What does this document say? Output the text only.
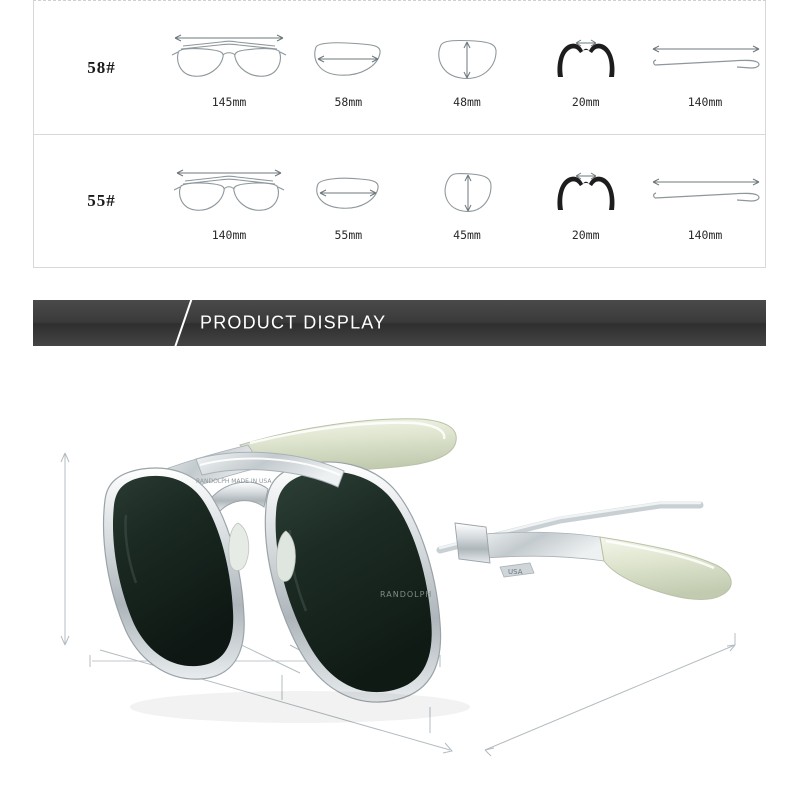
58#
145mm	58mm	48mm	20mm	140mm
55#
140mm	55mm	45mm	20mm	140mm
PRODUCT DISPLAY
USA
RANDOLPH
RANDOLPH MADE IN USA
